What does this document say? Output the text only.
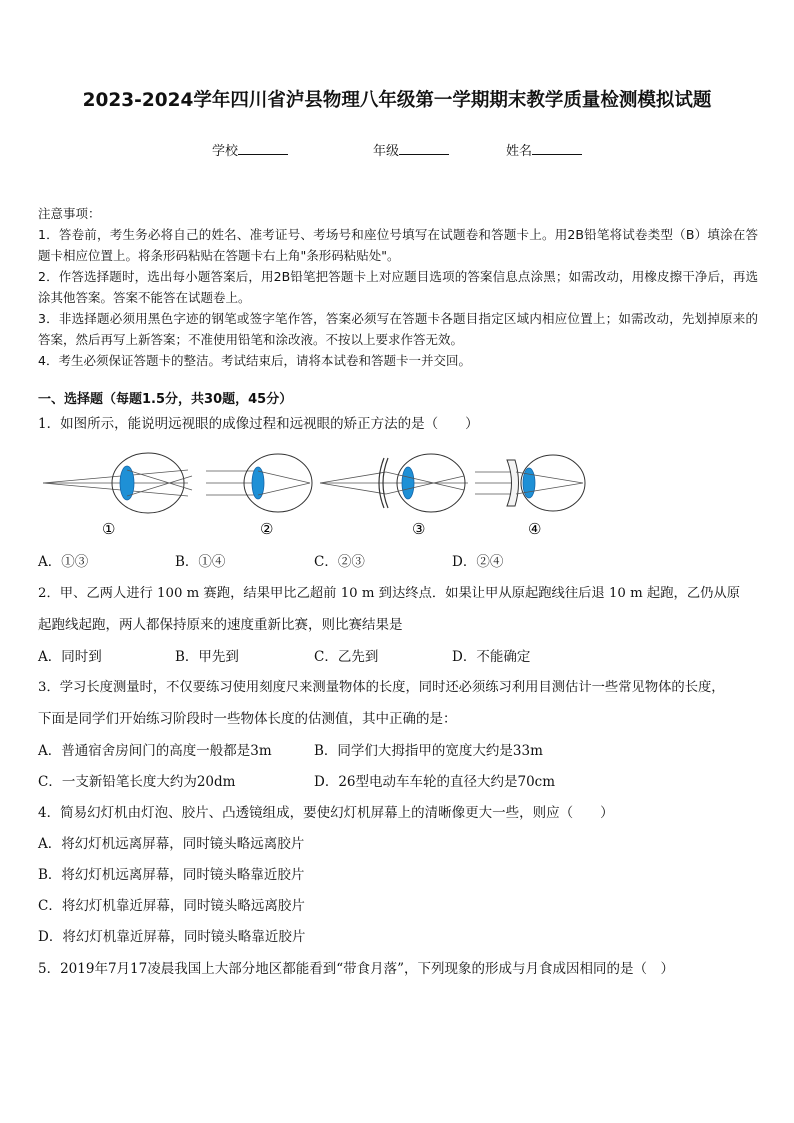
2023-2024学年四川省泸县物理八年级第一学期期末教学质量检测模拟试题
学校	年级	姓名

注意事项：

1．答卷前，考生务必将自己的姓名、准考证号、考场号和座位号填写在试题卷和答题卡上。用2B铅笔将试卷类型（B）填涂在答题卡相应位置上。将条形码粘贴在答题卡右上角"条形码粘贴处"。

2．作答选择题时，选出每小题答案后，用2B铅笔把答题卡上对应题目选项的答案信息点涂黑；如需改动，用橡皮擦干净后，再选涂其他答案。答案不能答在试题卷上。

3．非选择题必须用黑色字迹的钢笔或签字笔作答，答案必须写在答题卡各题目指定区域内相应位置上；如需改动，先划掉原来的答案，然后再写上新答案；不准使用铅笔和涂改液。不按以上要求作答无效。

4．考生必须保证答题卡的整洁。考试结束后，请将本试卷和答题卡一并交回。

一、选择题（每题1.5分，共30题，45分）
1．如图所示，能说明远视眼的成像过程和远视眼的矫正方法的是（　　）
①	②	③	④
A．①③	B．①④	C．②③	D．②④
2．甲、乙两人进行 100 m 赛跑，结果甲比乙超前 10 m 到达终点．如果让甲从原起跑线往后退 10 m 起跑，乙仍从原
起跑线起跑，两人都保持原来的速度重新比赛，则比赛结果是
A．同时到	B．甲先到	C．乙先到	D．不能确定
3．学习长度测量时，不仅要练习使用刻度尺来测量物体的长度，同时还必须练习利用目测估计一些常见物体的长度，
下面是同学们开始练习阶段时一些物体长度的估测值，其中正确的是：
A．普通宿舍房间门的高度一般都是3m	B．同学们大拇指甲的宽度大约是33m
C．一支新铅笔长度大约为20dm	D．26型电动车车轮的直径大约是70cm
4．简易幻灯机由灯泡、胶片、凸透镜组成，要使幻灯机屏幕上的清晰像更大一些，则应（　　）
A．将幻灯机远离屏幕，同时镜头略远离胶片
B．将幻灯机远离屏幕，同时镜头略靠近胶片
C．将幻灯机靠近屏幕，同时镜头略远离胶片
D．将幻灯机靠近屏幕，同时镜头略靠近胶片
5．2019年7月17凌晨我国上大部分地区都能看到“带食月落”，下列现象的形成与月食成因相同的是（　）
